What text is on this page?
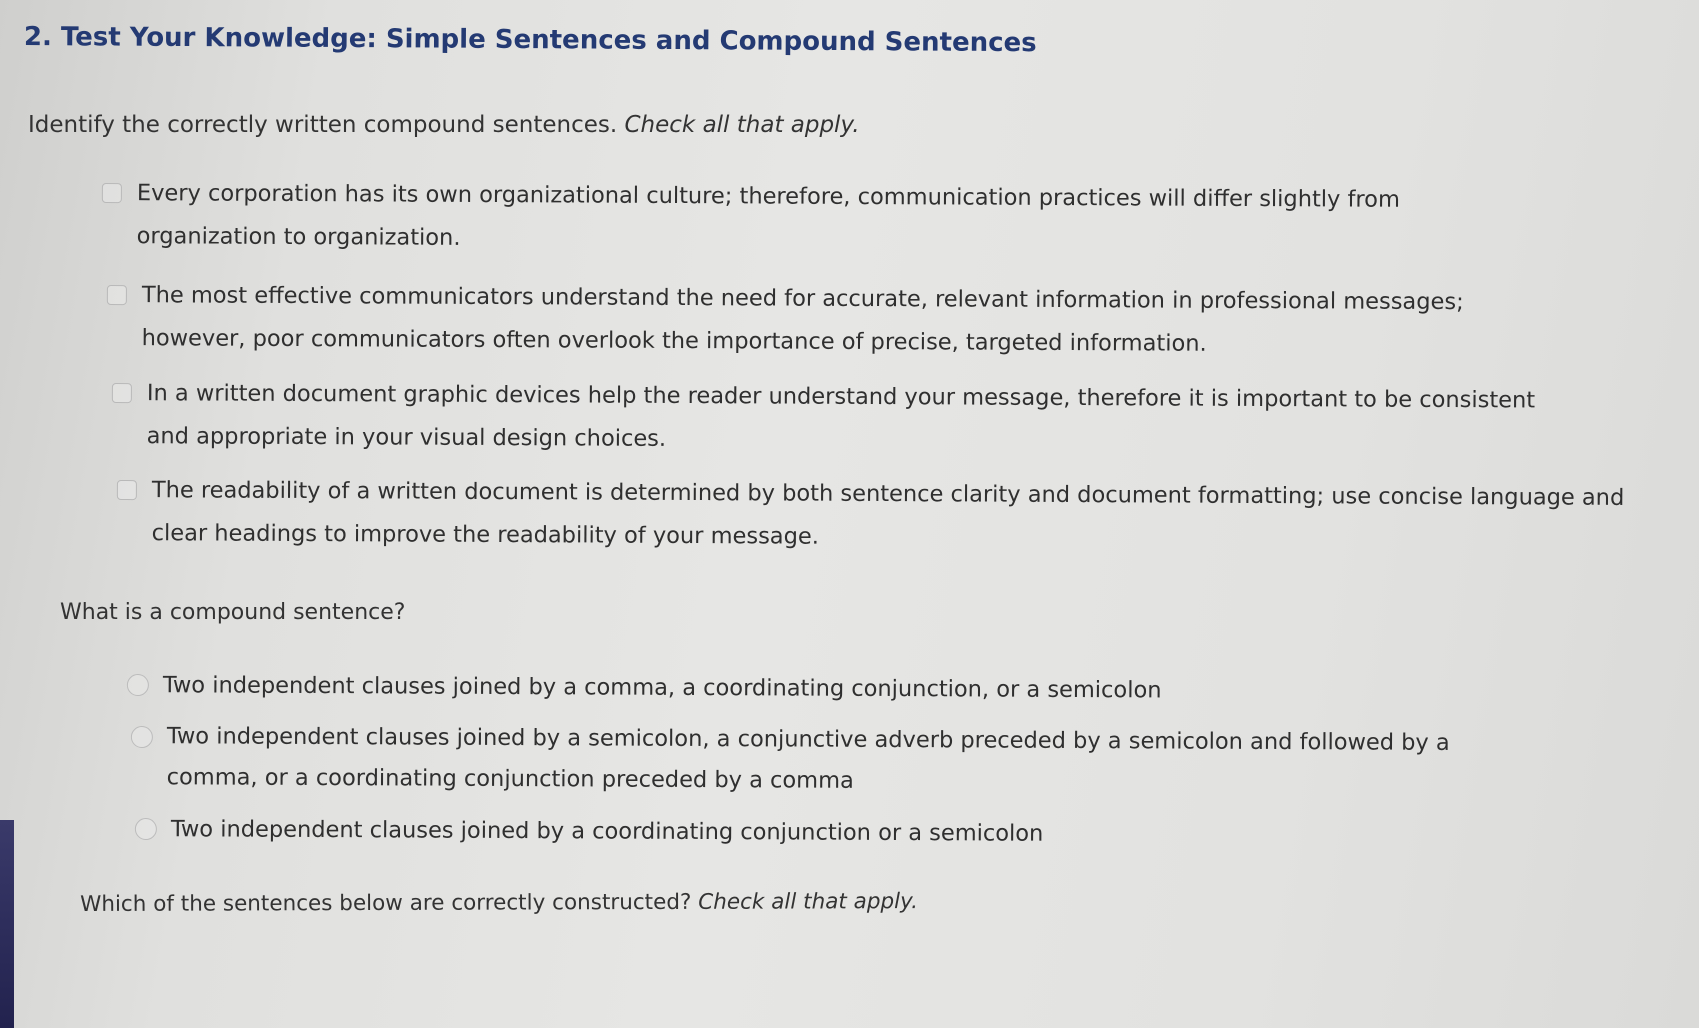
2. Test Your Knowledge: Simple Sentences and Compound Sentences
Identify the correctly written compound sentences. Check all that apply.
Every corporation has its own organizational culture; therefore, communication practices will differ slightly from organization to organization.
The most effective communicators understand the need for accurate, relevant information in professional messages; however, poor communicators often overlook the importance of precise, targeted information.
In a written document graphic devices help the reader understand your message, therefore it is important to be consistent and appropriate in your visual design choices.
The readability of a written document is determined by both sentence clarity and document formatting; use concise language and clear headings to improve the readability of your message.
What is a compound sentence?
Two independent clauses joined by a comma, a coordinating conjunction, or a semicolon
Two independent clauses joined by a semicolon, a conjunctive adverb preceded by a semicolon and followed by a comma, or a coordinating conjunction preceded by a comma
Two independent clauses joined by a coordinating conjunction or a semicolon
Which of the sentences below are correctly constructed? Check all that apply.
